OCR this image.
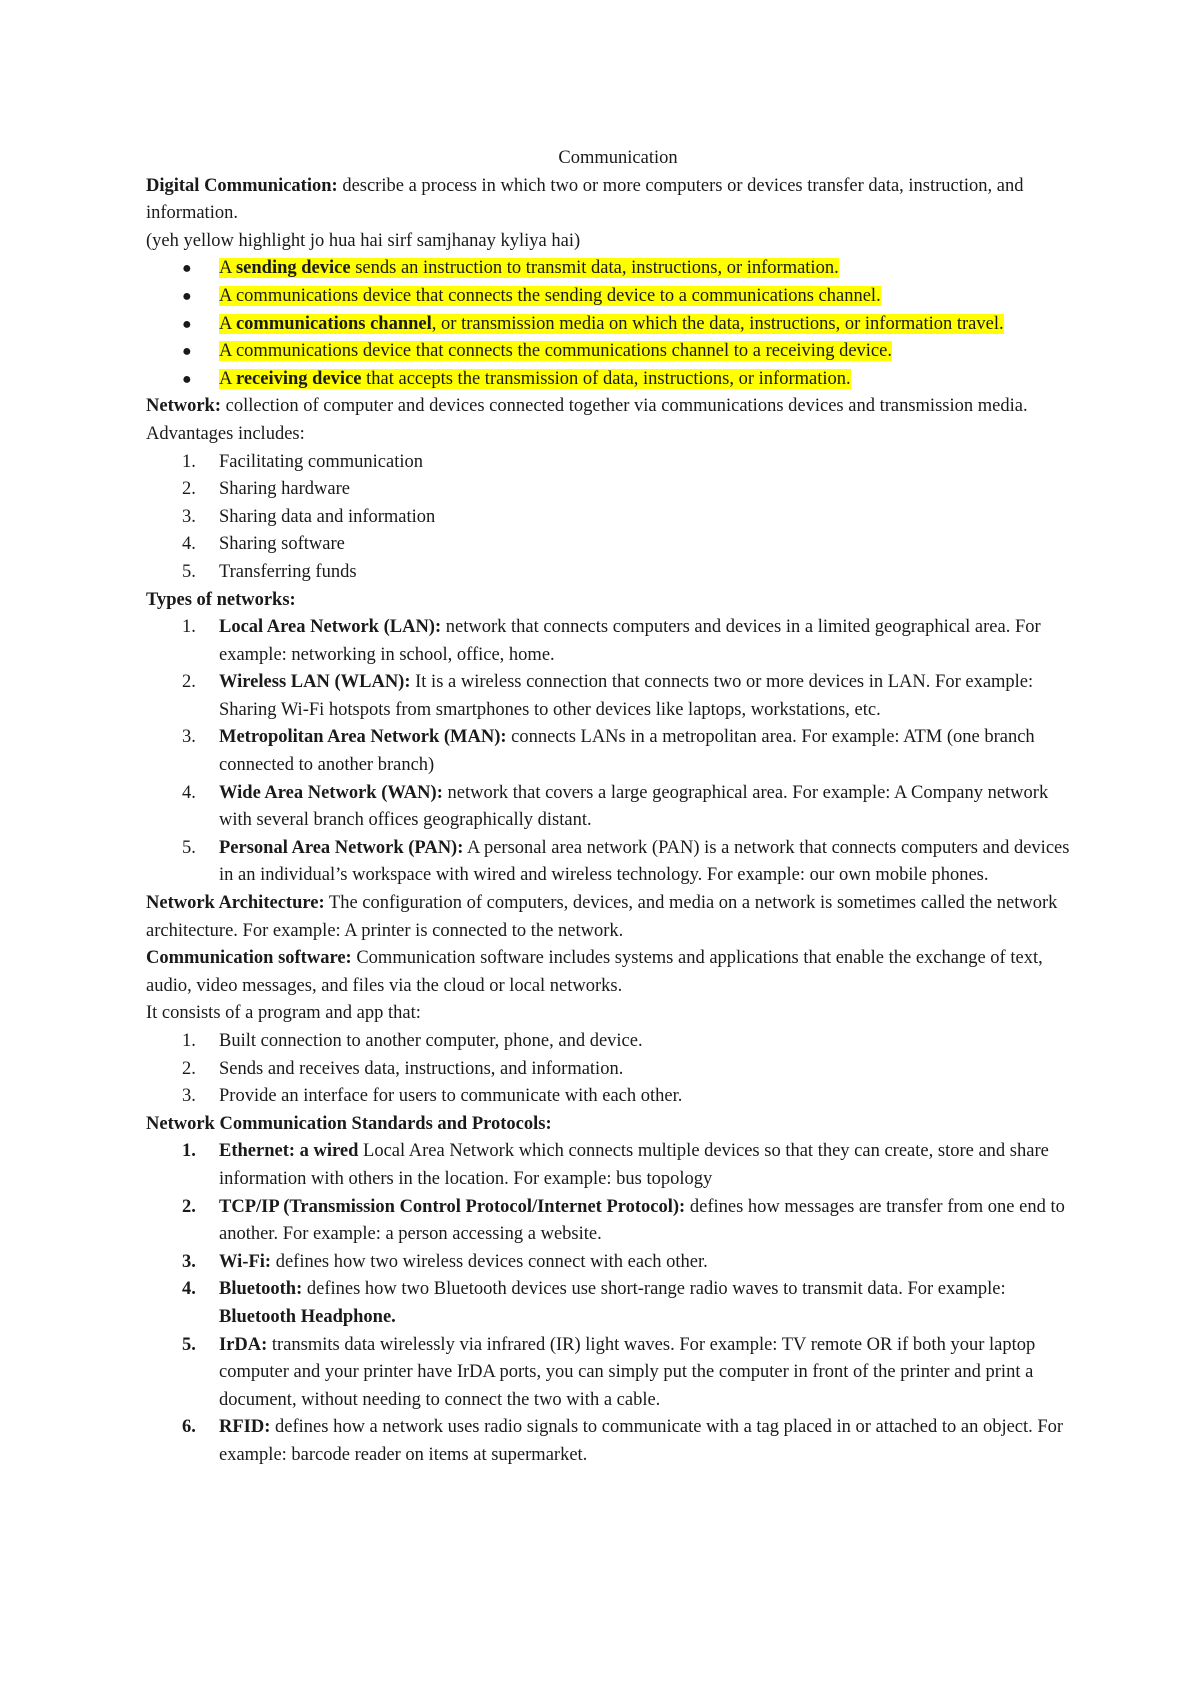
Communication

Digital Communication: describe a process in which two or more computers or devices transfer data, instruction, and information.

(yeh yellow highlight jo hua hai sirf samjhanay kyliya hai)

● A sending device sends an instruction to transmit data, instructions, or information.
● A communications device that connects the sending device to a communications channel.
● A communications channel, or transmission media on which the data, instructions, or information travel.
● A communications device that connects the communications channel to a receiving device.
● A receiving device that accepts the transmission of data, instructions, or information.

Network: collection of computer and devices connected together via communications devices and transmission media. Advantages includes:

1.	Facilitating communication
2.	Sharing hardware
3.	Sharing data and information
4.	Sharing software
5.	Transferring funds

Types of networks:

1.	Local Area Network (LAN): network that connects computers and devices in a limited geographical area. For example: networking in school, office, home.
2.	Wireless LAN (WLAN): It is a wireless connection that connects two or more devices in LAN. For example: Sharing Wi-Fi hotspots from smartphones to other devices like laptops, workstations, etc.
3.	Metropolitan Area Network (MAN): connects LANs in a metropolitan area. For example: ATM (one branch connected to another branch)
4.	Wide Area Network (WAN): network that covers a large geographical area. For example: A Company network with several branch offices geographically distant.
5.	Personal Area Network (PAN): A personal area network (PAN) is a network that connects computers and devices in an individual’s workspace with wired and wireless technology. For example: our own mobile phones.

Network Architecture: The configuration of computers, devices, and media on a network is sometimes called the network architecture. For example: A printer is connected to the network.

Communication software: Communication software includes systems and applications that enable the exchange of text, audio, video messages, and files via the cloud or local networks.

It consists of a program and app that:

1.	Built connection to another computer, phone, and device.
2.	Sends and receives data, instructions, and information.
3.	Provide an interface for users to communicate with each other.

Network Communication Standards and Protocols:

1.	Ethernet: a wired Local Area Network which connects multiple devices so that they can create, store and share information with others in the location. For example: bus topology
2.	TCP/IP (Transmission Control Protocol/Internet Protocol): defines how messages are transfer from one end to another. For example: a person accessing a website.
3.	Wi-Fi: defines how two wireless devices connect with each other.
4.	Bluetooth: defines how two Bluetooth devices use short-range radio waves to transmit data. For example: Bluetooth Headphone.
5.	IrDA: transmits data wirelessly via infrared (IR) light waves. For example: TV remote OR if both your laptop computer and your printer have IrDA ports, you can simply put the computer in front of the printer and print a document, without needing to connect the two with a cable.
6.	RFID: defines how a network uses radio signals to communicate with a tag placed in or attached to an object. For example: barcode reader on items at supermarket.
